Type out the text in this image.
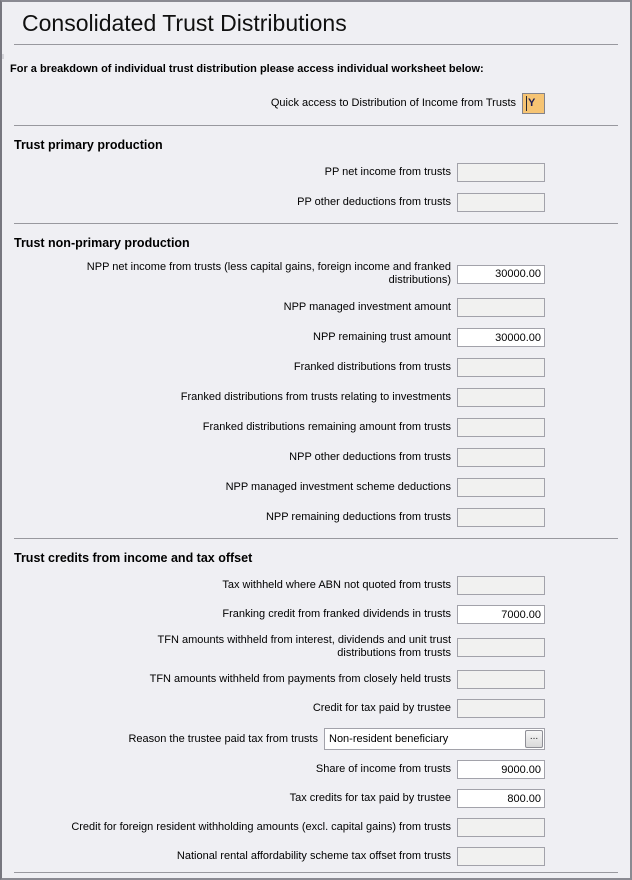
Consolidated Trust Distributions

For a breakdown of individual trust distribution please access individual worksheet below:

Quick access to Distribution of Income from Trusts Y
Trust primary production
PP net income from trusts
PP other deductions from trusts
Trust non-primary production
NPP net income from trusts (less capital gains, foreign income and franked distributions)
30000.00
NPP managed investment amount
NPP remaining trust amount
30000.00
Franked distributions from trusts
Franked distributions from trusts relating to investments
Franked distributions remaining amount from trusts
NPP other deductions from trusts
NPP managed investment scheme deductions
NPP remaining deductions from trusts
Trust credits from income and tax offset
Tax withheld where ABN not quoted from trusts
Franking credit from franked dividends in trusts
7000.00
TFN amounts withheld from interest, dividends and unit trust distributions from trusts
TFN amounts withheld from payments from closely held trusts
Credit for tax paid by trustee
Reason the trustee paid tax from trusts	Non-resident beneficiary	...
Share of income from trusts
9000.00
Tax credits for tax paid by trustee
800.00
Credit for foreign resident withholding amounts (excl. capital gains) from trusts
National rental affordability scheme tax offset from trusts
